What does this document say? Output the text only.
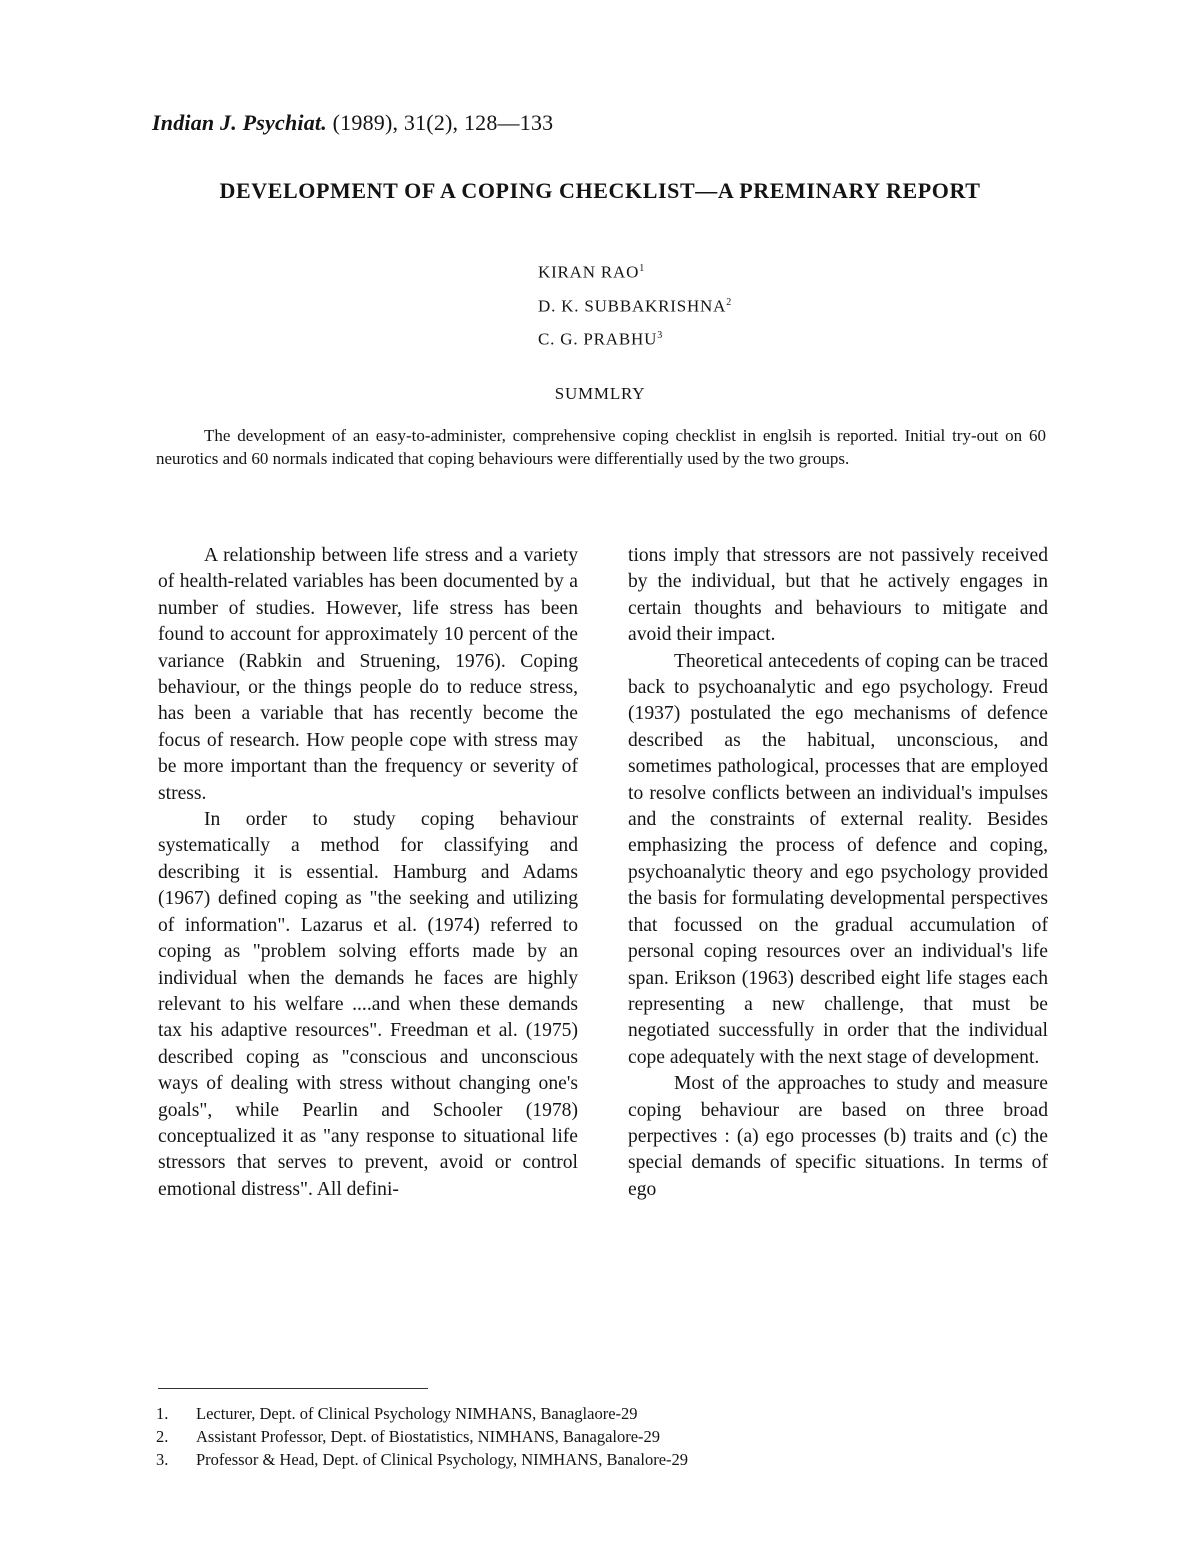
Indian J. Psychiat. (1989), 31(2), 128—133
DEVELOPMENT OF A COPING CHECKLIST—A PREMINARY REPORT
KIRAN RAO$^1$
D. K. SUBBAKRISHNA$^2$
C. G. PRABHU$^3$
SUMMLRY
The development of an easy-to-administer, comprehensive coping checklist in englsih is reported. Initial try-out on 60 neurotics and 60 normals indicated that coping behaviours were differentially used by the two groups.

A relationship between life stress and a variety of health-related variables has been documented by a number of studies. However, life stress has been found to account for approximately 10 percent of the variance (Rabkin and Struening, 1976). Coping behaviour, or the things people do to reduce stress, has been a variable that has recently become the focus of research. How people cope with stress may be more important than the frequency or severity of stress.

In order to study coping behaviour systematically a method for classifying and describing it is essential. Hamburg and Adams (1967) defined coping as "the seeking and utilizing of information". Lazarus et al. (1974) referred to coping as "problem solving efforts made by an individual when the demands he faces are highly relevant to his welfare ....and when these demands tax his adaptive resources". Freedman et al. (1975) described coping as "conscious and unconscious ways of dealing with stress without changing one's goals", while Pearlin and Schooler (1978) conceptualized it as "any response to situational life stressors that serves to prevent, avoid or control emotional distress". All defini-

tions imply that stressors are not passively received by the individual, but that he actively engages in certain thoughts and behaviours to mitigate and avoid their impact.

Theoretical antecedents of coping can be traced back to psychoanalytic and ego psychology. Freud (1937) postulated the ego mechanisms of defence described as the habitual, unconscious, and sometimes pathological, processes that are employed to resolve conflicts between an individual's impulses and the constraints of external reality. Besides emphasizing the process of defence and coping, psychoanalytic theory and ego psychology provided the basis for formulating developmental perspectives that focussed on the gradual accumulation of personal coping resources over an individual's life span. Erikson (1963) described eight life stages each representing a new challenge, that must be negotiated successfully in order that the individual cope adequately with the next stage of development.

Most of the approaches to study and measure coping behaviour are based on three broad perpectives : (a) ego processes (b) traits and (c) the special demands of specific situations. In terms of ego

1. Lecturer, Dept. of Clinical Psychology NIMHANS, Banaglaore-29
2. Assistant Professor, Dept. of Biostatistics, NIMHANS, Banagalore-29
3. Professor & Head, Dept. of Clinical Psychology, NIMHANS, Banalore-29
